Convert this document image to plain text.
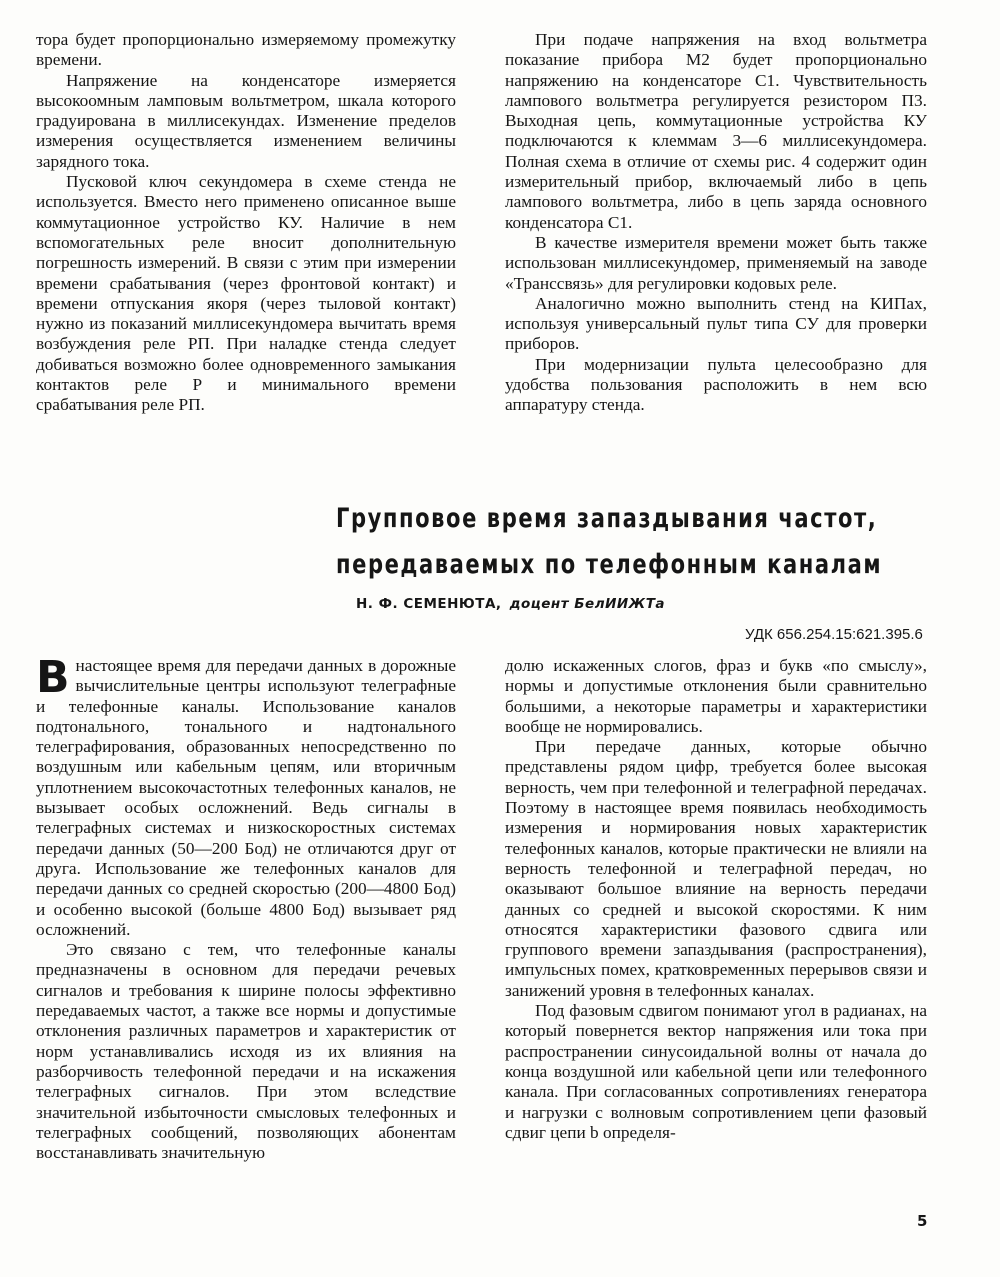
тора будет пропорционально измеряемому промежутку времени.

Напряжение на конденсаторе измеряется высокоомным ламповым вольтметром, шкала которого градуирована в миллисекундах. Изменение пределов измерения осуществляется изменением величины зарядного тока.

Пусковой ключ секундомера в схеме стенда не используется. Вместо него применено описанное выше коммутационное устройство КУ. Наличие в нем вспомогательных реле вносит дополнительную погрешность измерений. В связи с этим при измерении времени срабатывания (через фронтовой контакт) и времени отпускания якоря (через тыловой контакт) нужно из показаний миллисекундомера вычитать время возбуждения реле РП. При наладке стенда следует добиваться возможно более одновременного замыкания контактов реле Р и минимального времени срабатывания реле РП.

При подаче напряжения на вход вольтметра показание прибора М2 будет пропорционально напряжению на конденсаторе С1. Чувствительность лампового вольтметра регулируется резистором П3. Выходная цепь, коммутационные устройства КУ подключаются к клеммам 3—6 миллисекундомера. Полная схема в отличие от схемы рис. 4 содержит один измерительный прибор, включаемый либо в цепь лампового вольтметра, либо в цепь заряда основного конденсатора С1.

В качестве измерителя времени может быть также использован миллисекундомер, применяемый на заводе «Транссвязь» для регулировки кодовых реле.

Аналогично можно выполнить стенд на КИПах, используя универсальный пульт типа СУ для проверки приборов.

При модернизации пульта целесообразно для удобства пользования расположить в нем всю аппаратуру стенда.

Групповое время запаздывания частот,
передаваемых по телефонным каналам
Н. Ф. СЕМЕНЮТА, доцент БелИИЖТа
УДК 656.254.15:621.395.6

Внастоящее время для передачи данных в дорожные вычислительные центры используют телеграфные и телефонные каналы. Использование каналов подтонального, тонального и надтонального телеграфирования, образованных непосредственно по воздушным или кабельным цепям, или вторичным уплотнением высокочастотных телефонных каналов, не вызывает особых осложнений. Ведь сигналы в телеграфных системах и низкоскоростных системах передачи данных (50—200 Бод) не отличаются друг от друга. Использование же телефонных каналов для передачи данных со средней скоростью (200—4800 Бод) и особенно высокой (больше 4800 Бод) вызывает ряд осложнений.

Это связано с тем, что телефонные каналы предназначены в основном для передачи речевых сигналов и требования к ширине полосы эффективно передаваемых частот, а также все нормы и допустимые отклонения различных параметров и характеристик от норм устанавливались исходя из их влияния на разборчивость телефонной передачи и на искажения телеграфных сигналов. При этом вследствие значительной избыточности смысловых телефонных и телеграфных сообщений, позволяющих абонентам восстанавливать значительную

долю искаженных слогов, фраз и букв «по смыслу», нормы и допустимые отклонения были сравнительно большими, а некоторые параметры и характеристики вообще не нормировались.

При передаче данных, которые обычно представлены рядом цифр, требуется более высокая верность, чем при телефонной и телеграфной передачах. Поэтому в настоящее время появилась необходимость измерения и нормирования новых характеристик телефонных каналов, которые практически не влияли на верность телефонной и телеграфной передач, но оказывают большое влияние на верность передачи данных со средней и высокой скоростями. К ним относятся характеристики фазового сдвига или группового времени запаздывания (распространения), импульсных помех, кратковременных перерывов связи и занижений уровня в телефонных каналах.

Под фазовым сдвигом понимают угол в радианах, на который повернется вектор напряжения или тока при распространении синусоидальной волны от начала до конца воздушной или кабельной цепи или телефонного канала. При согласованных сопротивлениях генератора и нагрузки с волновым сопротивлением цепи фазовый сдвиг цепи b определя-

5
